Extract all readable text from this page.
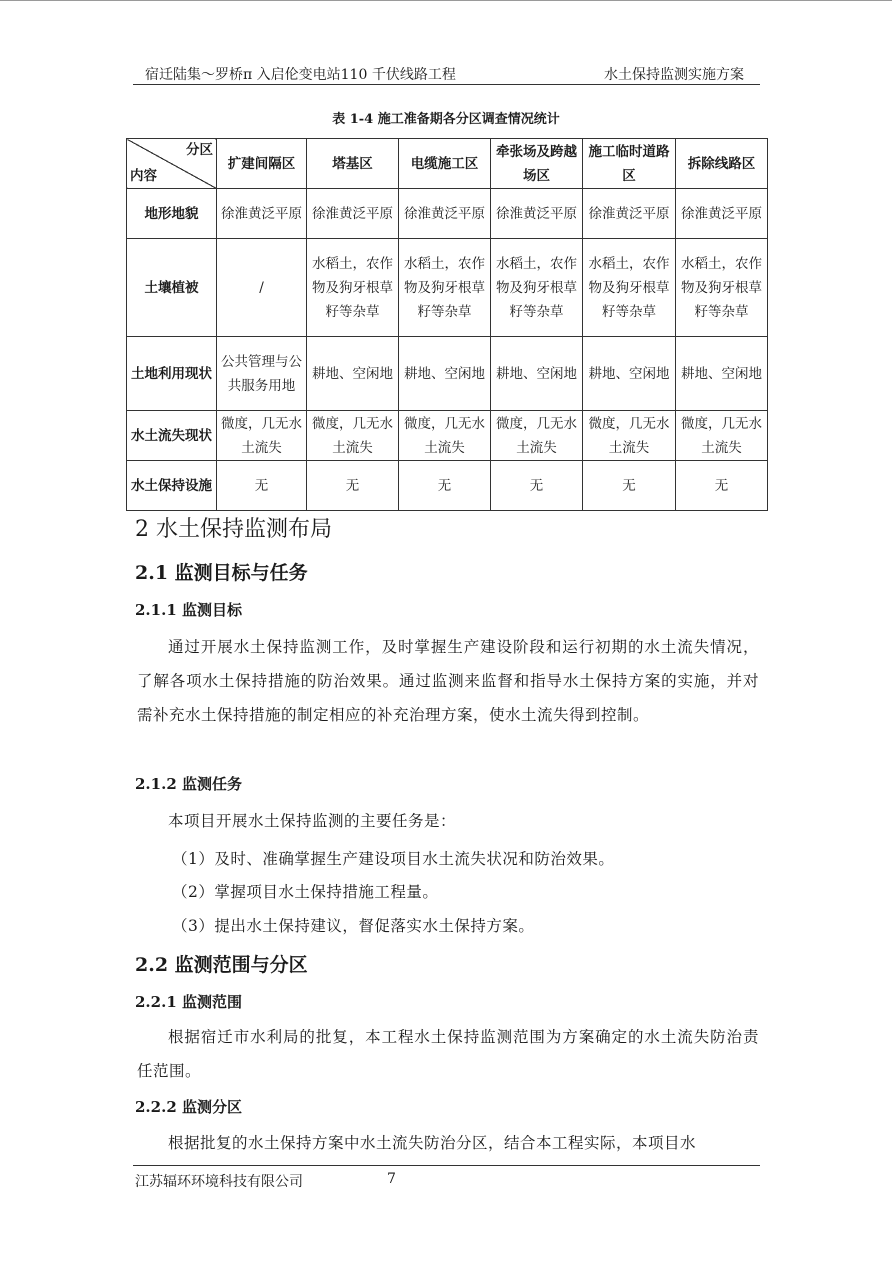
宿迁陆集～罗桥π 入启伦变电站110 千伏线路工程	水土保持监测实施方案
表 1-4 施工准备期各分区调查情况统计
分区
内容	扩建间隔区	塔基区	电缆施工区	牵张场及跨越场区	施工临时道路区	拆除线路区
地形地貌	徐淮黄泛平原	徐淮黄泛平原	徐淮黄泛平原	徐淮黄泛平原	徐淮黄泛平原	徐淮黄泛平原
土壤植被	/	水稻土，农作物及狗牙根草籽等杂草	水稻土，农作物及狗牙根草籽等杂草	水稻土，农作物及狗牙根草籽等杂草	水稻土，农作物及狗牙根草籽等杂草	水稻土，农作物及狗牙根草籽等杂草
土地利用现状	公共管理与公共服务用地	耕地、空闲地	耕地、空闲地	耕地、空闲地	耕地、空闲地	耕地、空闲地
水土流失现状	微度，几无水土流失	微度，几无水土流失	微度，几无水土流失	微度，几无水土流失	微度，几无水土流失	微度，几无水土流失
水土保持设施	无	无	无	无	无	无
2 水土保持监测布局
2.1 监测目标与任务
2.1.1 监测目标
通过开展水土保持监测工作，及时掌握生产建设阶段和运行初期的水土流失情况，了解各项水土保持措施的防治效果。通过监测来监督和指导水土保持方案的实施，并对需补充水土保持措施的制定相应的补充治理方案，使水土流失得到控制。
2.1.2 监测任务
本项目开展水土保持监测的主要任务是：
（1）及时、准确掌握生产建设项目水土流失状况和防治效果。
（2）掌握项目水土保持措施工程量。
（3）提出水土保持建议，督促落实水土保持方案。
2.2 监测范围与分区
2.2.1 监测范围
根据宿迁市水利局的批复，本工程水土保持监测范围为方案确定的水土流失防治责任范围。
2.2.2 监测分区
根据批复的水土保持方案中水土流失防治分区，结合本工程实际，本项目水
江苏辐环环境科技有限公司	7
